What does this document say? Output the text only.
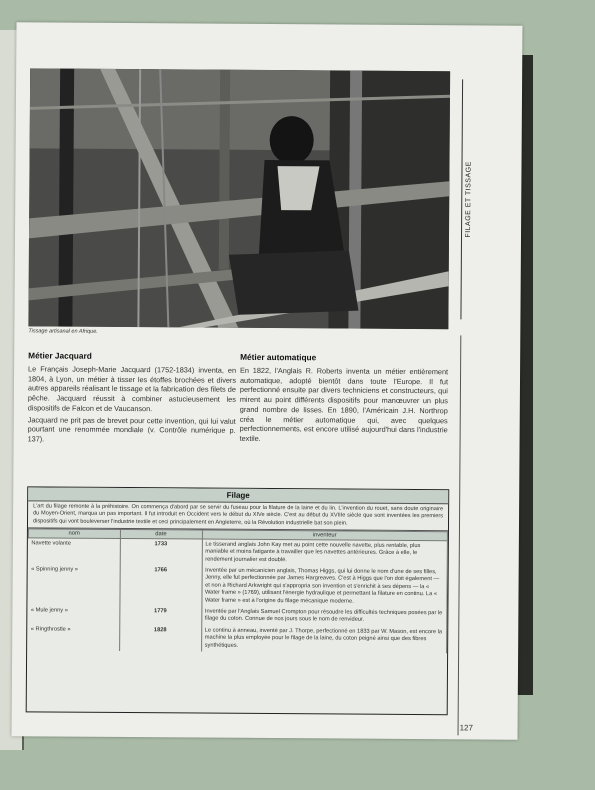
Tissage artisanal en Afrique.
FILAGE ET TISSAGE
Métier Jacquard

Le Français Joseph-Marie Jacquard (1752-1834) inventa, en 1804, à Lyon, un métier à tisser les étoffes brochées et divers autres appareils réalisant le tissage et la fabrication des filets de pêche. Jacquard réussit à combiner astucieusement les dispositifs de Falcon et de Vaucanson.

Jacquard ne prit pas de brevet pour cette invention, qui lui valut pourtant une renommée mondiale (v. Contrôle numérique p. 137).

Métier automatique

En 1822, l'Anglais R. Roberts inventa un métier entièrement automatique, adopté bientôt dans toute l'Europe. Il fut perfectionné ensuite par divers techniciens et constructeurs, qui mirent au point différents dispositifs pour manœuvrer un plus grand nombre de lisses. En 1890, l'Américain J.H. Northrop créa le métier automatique qui, avec quelques perfectionnements, est encore utilisé aujourd'hui dans l'industrie textile.

Filage
L'art du filage remonte à la préhistoire. On commença d'abord par se servir du fuseau pour la filature de la laine et du lin. L'invention du rouet, sans doute originaire du Moyen-Orient, marqua un pas important. Il fut introduit en Occident vers le début du XIVe siècle. C'est au début du XVIIIe siècle que sont inventées les premiers dispositifs qui vont bouleverser l'industrie textile et ceci principalement en Angleterre, où la Révolution industrielle bat son plein.
nom	date	inventeur
Navette volante	1733	Le tisserand anglais John Kay met au point cette nouvelle navette, plus rentable, plus maniable et moins fatigante à travailler que les navettes antérieures. Grâce à elle, le rendement journalier est doublé.
« Spinning jenny »	1766	Inventée par un mécanicien anglais, Thomas Higgs, qui lui donne le nom d'une de ses filles, Jenny, elle fut perfectionnée par James Hargreaves. C'est à Higgs que l'on doit également — et non à Richard Arkwright qui s'appropria son invention et s'enrichit à ses dépens — la « Water frame » (1769), utilisant l'énergie hydraulique et permettant la filature en continu. La « Water frame » est à l'origine du filage mécanique moderne.
« Mule jenny »	1779	Inventée par l'Anglais Samuel Crompton pour résoudre les difficultés techniques posées par le filage du coton. Connue de nos jours sous le nom de renvideur.
« Ringthrostle »	1828	Le continu à anneau, inventé par J. Thorpe, perfectionné en 1833 par W. Mason, est encore la machine la plus employée pour le filage de la laine, du coton peigné ainsi que des fibres synthétiques.
127
